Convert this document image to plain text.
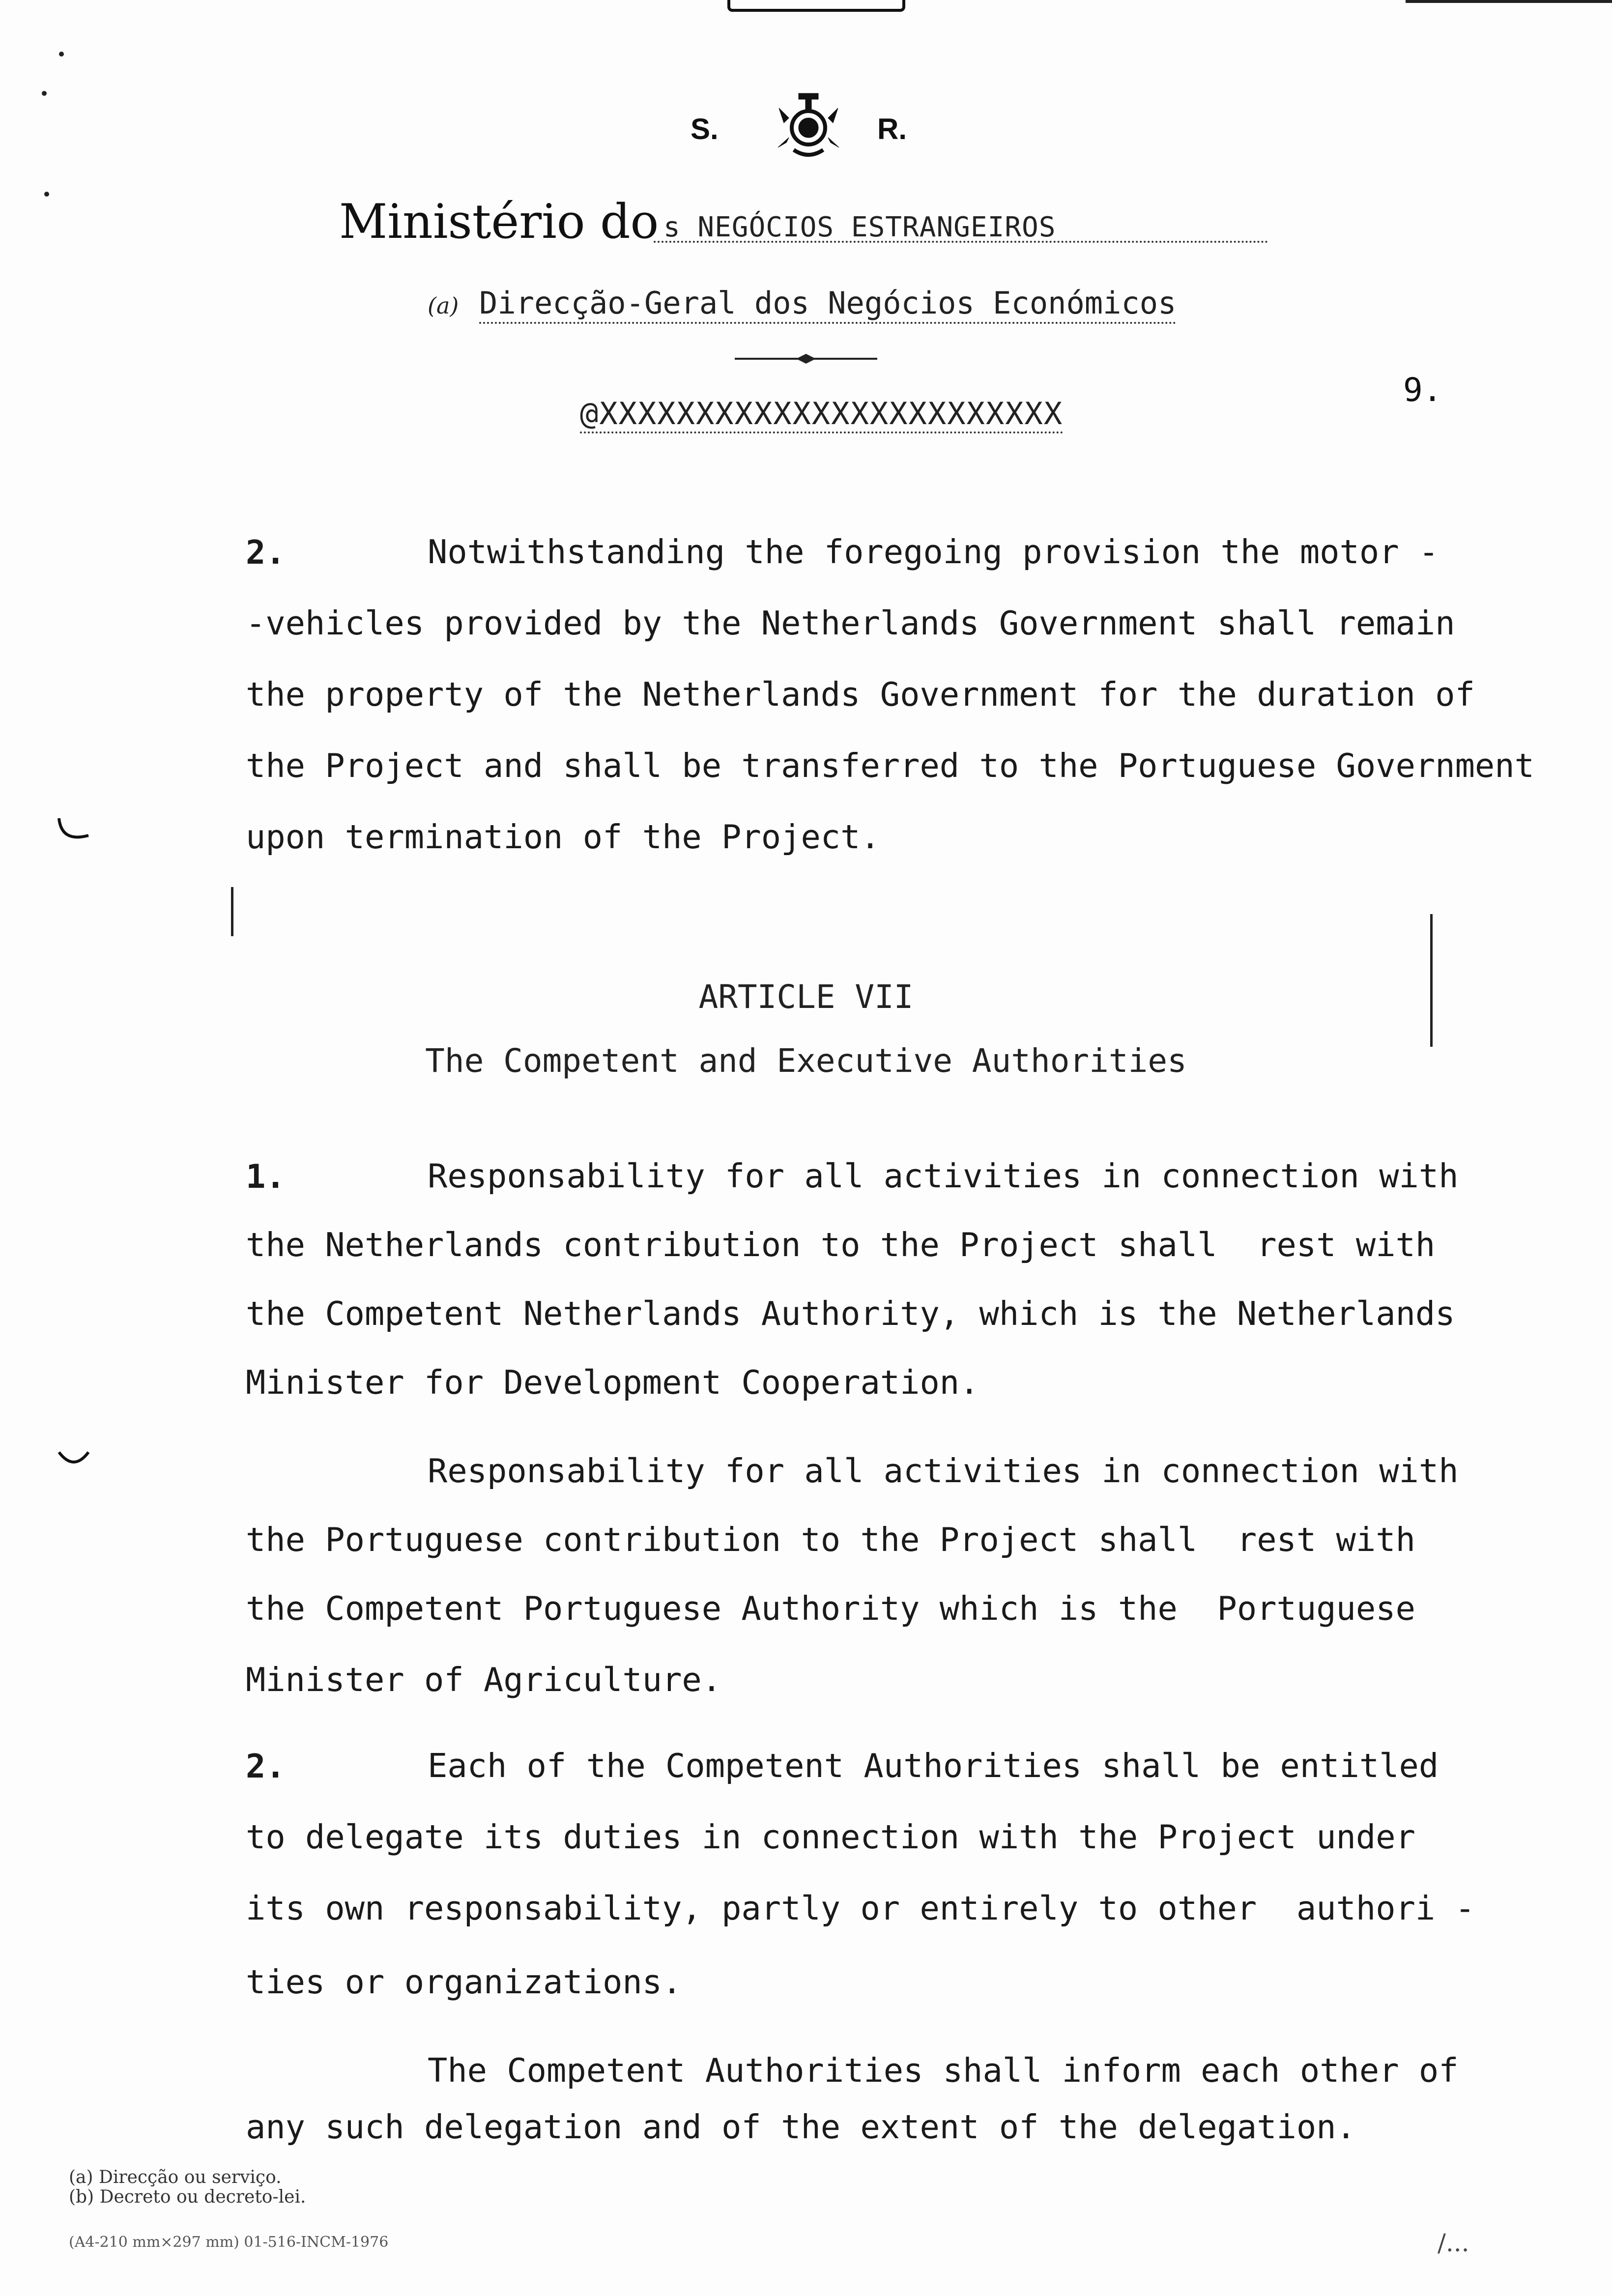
S.	R.
Ministério do s NEGÓCIOS ESTRANGEIROS
(a) Direcção-Geral dos Negócios Económicos
@XXXXXXXXXXXXXXXXXXXXXXXX
9.
2.	Notwithstanding the foregoing provision the motor -
-vehicles provided by the Netherlands Government shall remain
the property of the Netherlands Government for the duration of
the Project and shall be transferred to the Portuguese Government
upon termination of the Project.
ARTICLE VII
The Competent and Executive Authorities
1.	Responsability for all activities in connection with
the Netherlands contribution to the Project shall  rest with
the Competent Netherlands Authority, which is the Netherlands
Minister for Development Cooperation.
Responsability for all activities in connection with
the Portuguese contribution to the Project shall  rest with
the Competent Portuguese Authority which is the  Portuguese
Minister of Agriculture.
2.	Each of the Competent Authorities shall be entitled
to delegate its duties in connection with the Project under
its own responsability, partly or entirely to other  authori -
ties or organizations.
The Competent Authorities shall inform each other of
any such delegation and of the extent of the delegation.
(a) Direcção ou serviço.
(b) Decreto ou decreto-lei.
(A4-210 mm×297 mm) 01-516-INCM-1976	/...
